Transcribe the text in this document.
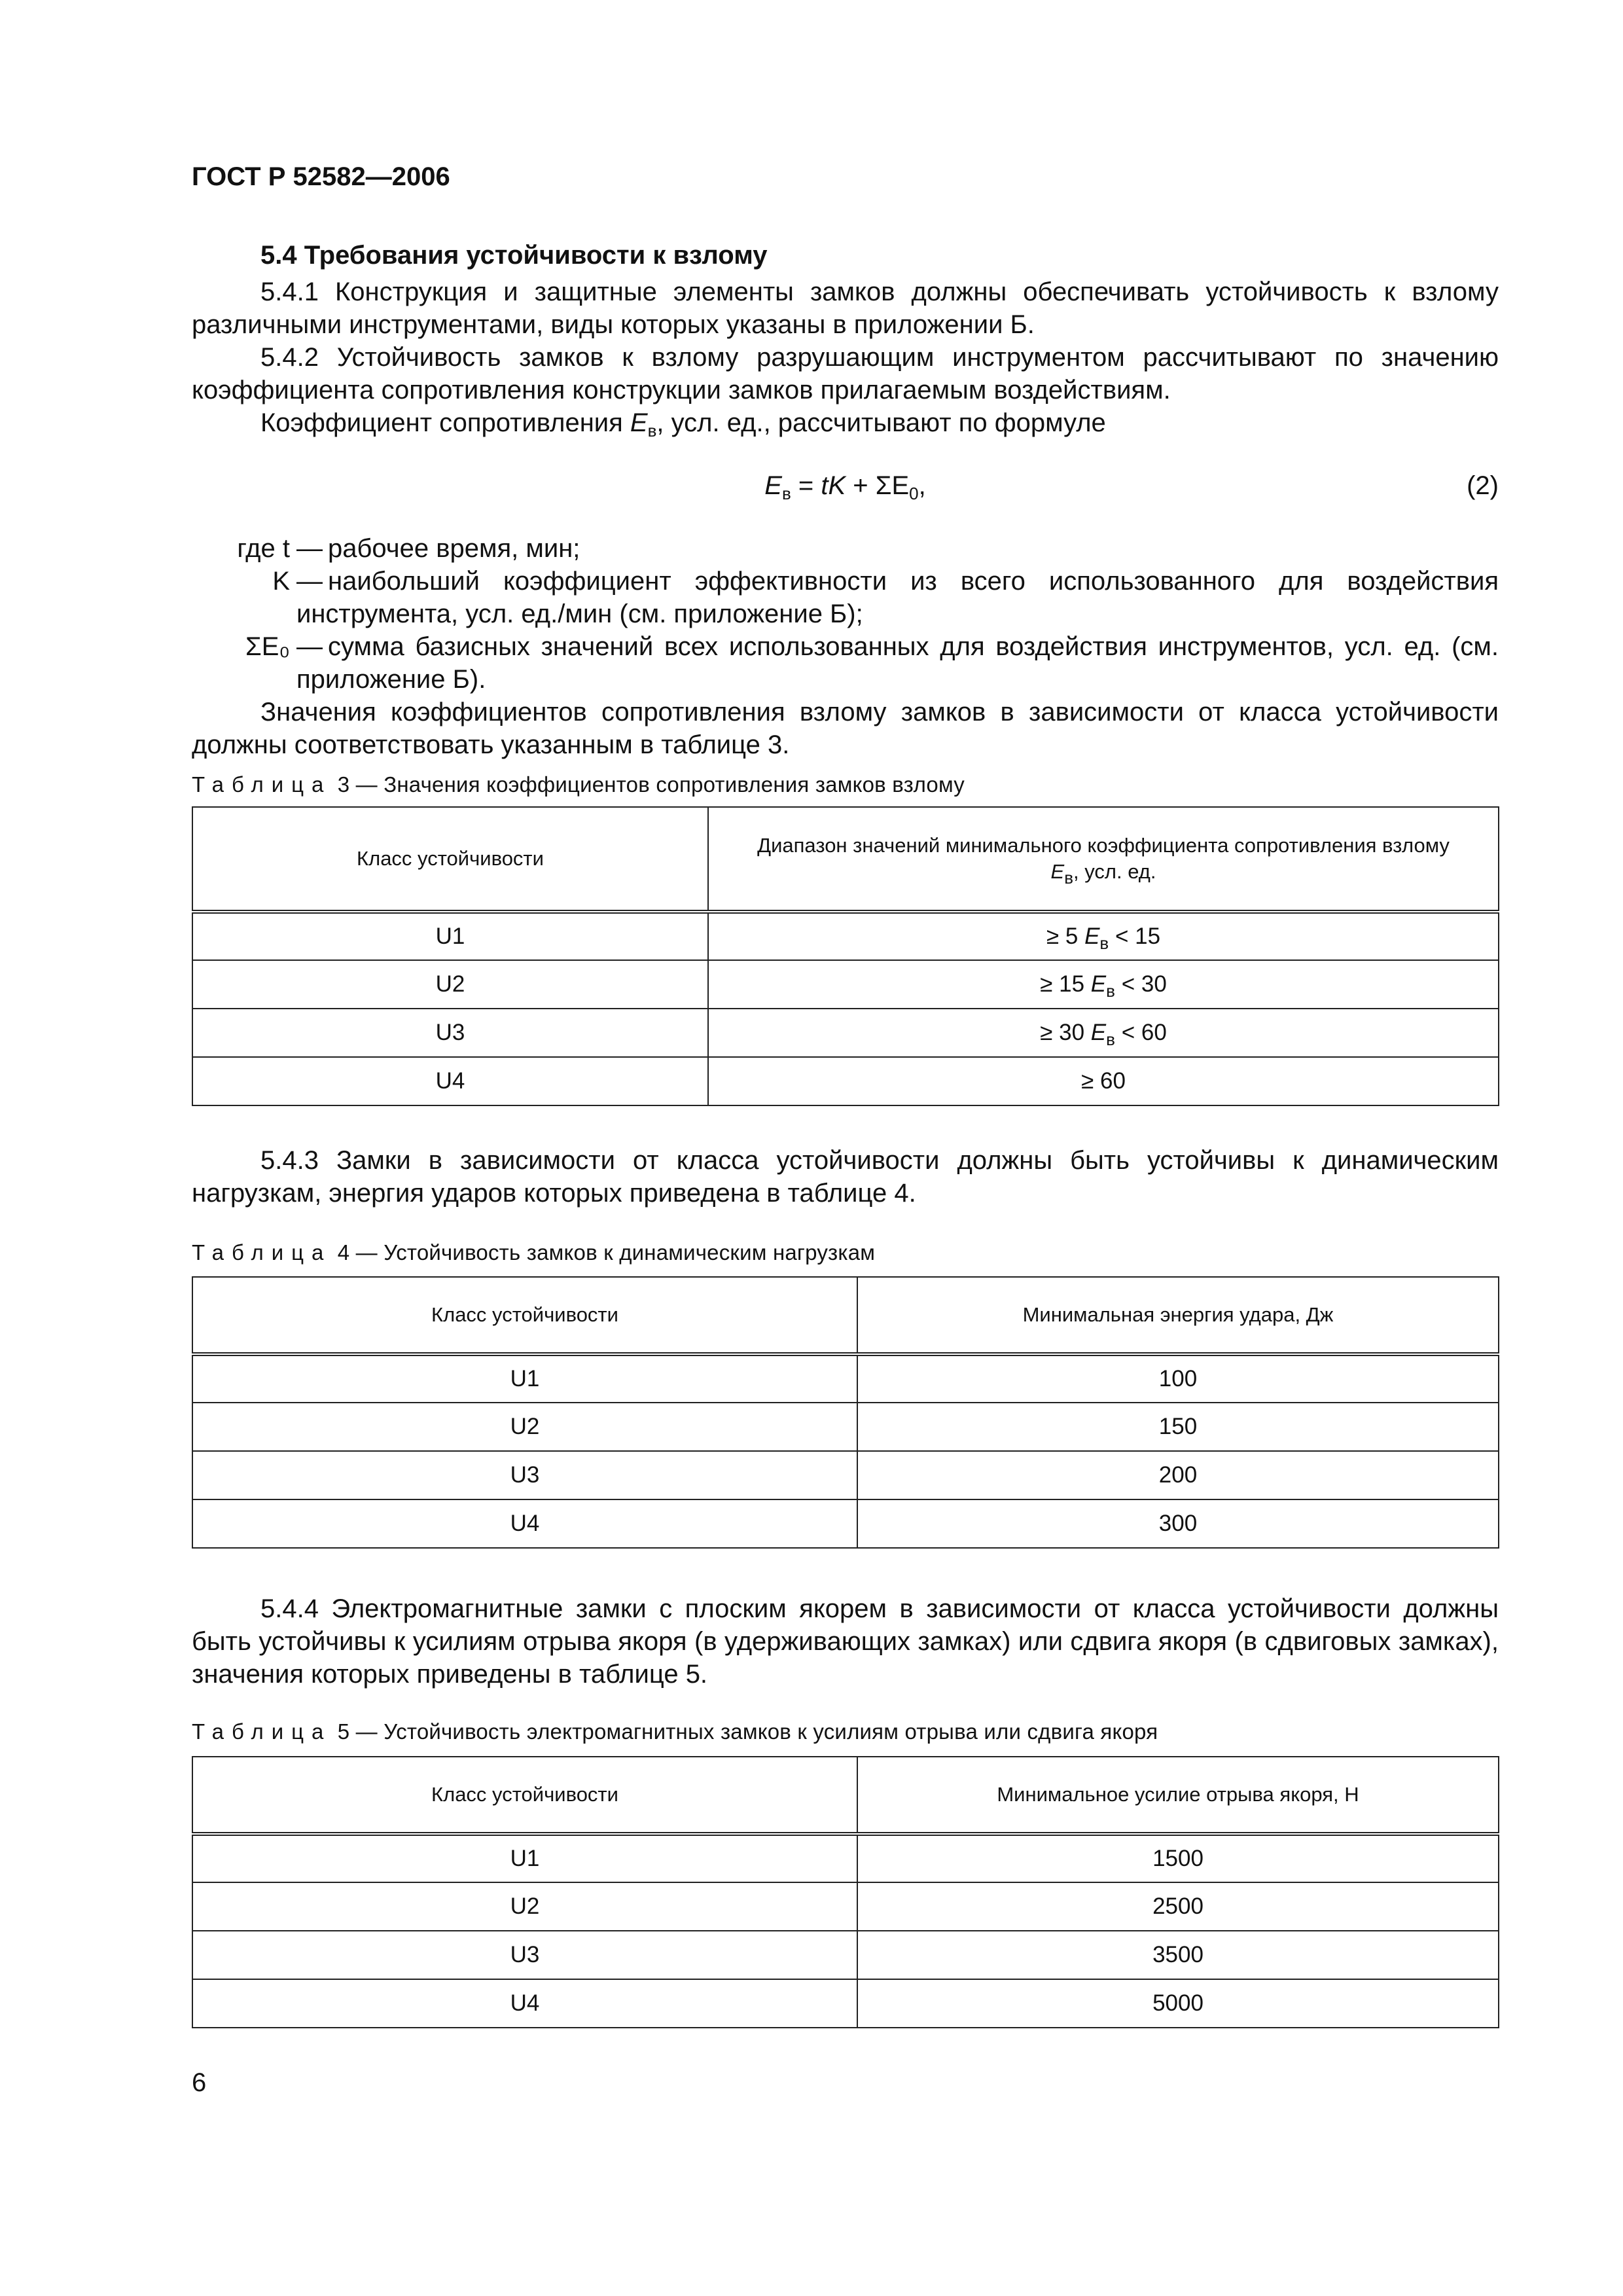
ГОСТ Р 52582—2006

5.4 Требования устойчивости к взлому

5.4.1 Конструкция и защитные элементы замков должны обеспечивать устойчивость к взлому различными инструментами, виды которых указаны в приложении Б.

5.4.2 Устойчивость замков к взлому разрушающим инструментом рассчитывают по значению коэффициента сопротивления конструкции замков прилагаемым воздействиям.

Коэффициент сопротивления $E_в$, усл. ед., рассчитывают по формуле

$E_в$ = tK + $\Sigma E_0$,	(2)
где t — рабочее время, мин;
K — наибольший коэффициент эффективности из всего использованного для воздействия инструмента, усл. ед./мин (см. приложение Б);
ΣE₀ — сумма базисных значений всех использованных для воздействия инструментов, усл. ед. (см. приложение Б).

Значения коэффициентов сопротивления взлому замков в зависимости от класса устойчивости должны соответствовать указанным в таблице 3.

Таблица 3 — Значения коэффициентов сопротивления замков взлому
Класс устойчивости	Диапазон значений минимального коэффициента сопротивления взлому
$E_в$, усл. ед.
U1	≥ 5 $E_в < 15$
U2	≥ 15 $E_в < 30$
U3	≥ 30 $E_в < 60$
U4	≥ 60

5.4.3 Замки в зависимости от класса устойчивости должны быть устойчивы к динамическим нагрузкам, энергия ударов которых приведена в таблице 4.

Таблица 4 — Устойчивость замков к динамическим нагрузкам
Класс устойчивости	Минимальная энергия удара, Дж
U1	100
U2	150
U3	200
U4	300

5.4.4 Электромагнитные замки с плоским якорем в зависимости от класса устойчивости должны быть устойчивы к усилиям отрыва якоря (в удерживающих замках) или сдвига якоря (в сдвиговых замках), значения которых приведены в таблице 5.

Таблица 5 — Устойчивость электромагнитных замков к усилиям отрыва или сдвига якоря
Класс устойчивости	Минимальное усилие отрыва якоря, Н
U1	1500
U2	2500
U3	3500
U4	5000
6
